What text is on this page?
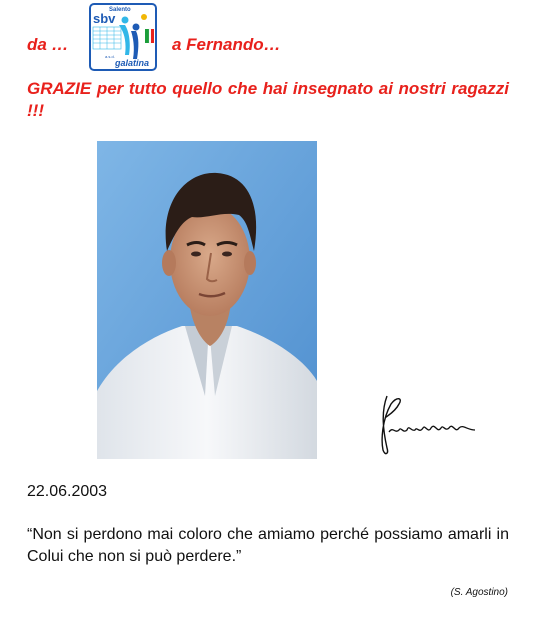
da …
Salento
sbv
galatina
a.s.d.
a Fernando…
GRAZIE per tutto quello che hai insegnato ai nostri ragazzi !!!
22.06.2003
“Non si perdono mai coloro che amiamo perché possiamo amarli in Colui che non si può perdere.”
(S. Agostino)
